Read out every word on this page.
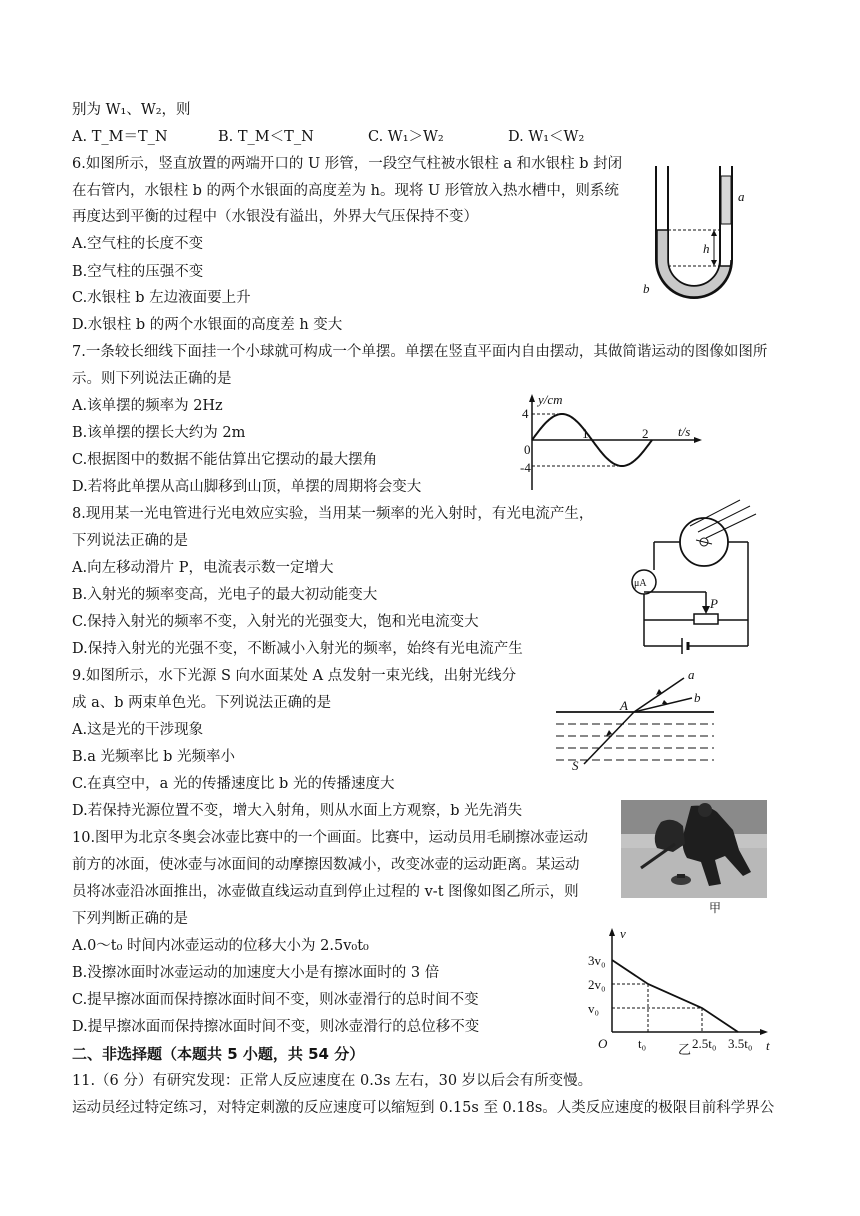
别为 W₁、W₂，则
A. T_M＝T_N	B. T_M＜T_N	C. W₁＞W₂	D. W₁＜W₂
6.如图所示，竖直放置的两端开口的 U 形管，一段空气柱被水银柱 a 和水银柱 b 封闭
在右管内，水银柱 b 的两个水银面的高度差为 h。现将 U 形管放入热水槽中，则系统
再度达到平衡的过程中（水银没有溢出，外界大气压保持不变）
A.空气柱的长度不变
B.空气柱的压强不变
C.水银柱 b 左边液面要上升
D.水银柱 b 的两个水银面的高度差 h 变大
7.一条较长细线下面挂一个小球就可构成一个单摆。单摆在竖直平面内自由摆动，其做简谐运动的图像如图所
示。则下列说法正确的是
A.该单摆的频率为 2Hz
B.该单摆的摆长大约为 2m
C.根据图中的数据不能估算出它摆动的最大摆角
D.若将此单摆从高山脚移到山顶，单摆的周期将会变大
8.现用某一光电管进行光电效应实验，当用某一频率的光入射时，有光电流产生，
下列说法正确的是
A.向左移动滑片 P，电流表示数一定增大
B.入射光的频率变高，光电子的最大初动能变大
C.保持入射光的频率不变，入射光的光强变大，饱和光电流变大
D.保持入射光的光强不变，不断减小入射光的频率，始终有光电流产生
9.如图所示，水下光源 S 向水面某处 A 点发射一束光线，出射光线分
成 a、b 两束单色光。下列说法正确的是
A.这是光的干涉现象
B.a 光频率比 b 光频率小
C.在真空中，a 光的传播速度比 b 光的传播速度大
D.若保持光源位置不变，增大入射角，则从水面上方观察，b 光先消失
10.图甲为北京冬奥会冰壶比赛中的一个画面。比赛中，运动员用毛刷擦冰壶运动
前方的冰面，使冰壶与冰面间的动摩擦因数减小，改变冰壶的运动距离。某运动
员将冰壶沿冰面推出，冰壶做直线运动直到停止过程的 v-t 图像如图乙所示，则
下列判断正确的是
A.0～t₀ 时间内冰壶运动的位移大小为 2.5v₀t₀
B.没擦冰面时冰壶运动的加速度大小是有擦冰面时的 3 倍
C.提早擦冰面而保持擦冰面时间不变，则冰壶滑行的总时间不变
D.提早擦冰面而保持擦冰面时间不变，则冰壶滑行的总位移不变
二、非选择题（本题共 5 小题，共 54 分）
11.（6 分）有研究发现：正常人反应速度在 0.3s 左右，30 岁以后会有所变慢。
运动员经过特定练习，对特定刺激的反应速度可以缩短到 0.15s 至 0.18s。人类反应速度的极限目前科学界公
h
a
b
y/cm
t/s
4
-4
0
1	2
μA
P
a
b
A
S
甲
v
t
v₀
2v₀
3v₀
O t₀	2.5t₀ 3.5t₀
乙
